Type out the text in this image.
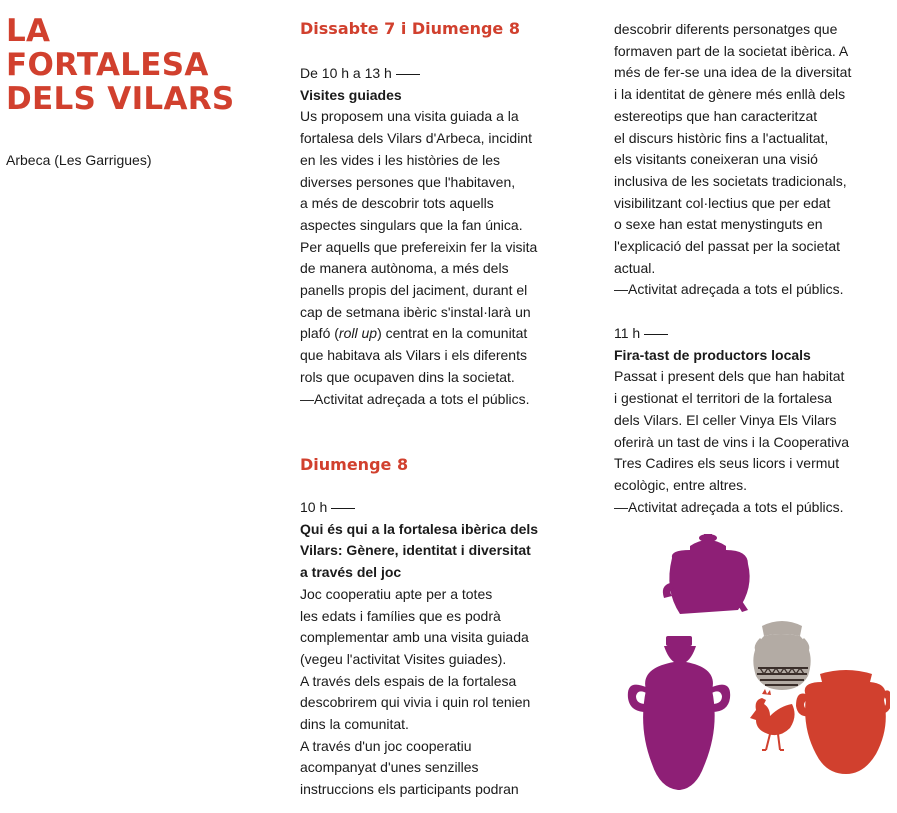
LA
FORTALESA
DELS VILARS
Arbeca (Les Garrigues)
Dissabte 7 i Diumenge 8
De 10 h a 13 h
Visites guiades
Us proposem una visita guiada a la
fortalesa dels Vilars d'Arbeca, incidint
en les vides i les històries de les
diverses persones que l'habitaven,
a més de descobrir tots aquells
aspectes singulars que la fan única.
Per aquells que prefereixin fer la visita
de manera autònoma, a més dels
panells propis del jaciment, durant el
cap de setmana ibèric s'instal·larà un
plafó (roll up) centrat en la comunitat
que habitava als Vilars i els diferents
rols que ocupaven dins la societat.
—Activitat adreçada a tots el públics.
Diumenge 8
10 h
Qui és qui a la fortalesa ibèrica dels
Vilars: Gènere, identitat i diversitat
a través del joc
Joc cooperatiu apte per a totes
les edats i famílies que es podrà
complementar amb una visita guiada
(vegeu l'activitat Visites guiades).
A través dels espais de la fortalesa
descobrirem qui vivia i quin rol tenien
dins la comunitat.
A través d'un joc cooperatiu
acompanyat d'unes senzilles
instruccions els participants podran
descobrir diferents personatges que
formaven part de la societat ibèrica. A
més de fer-se una idea de la diversitat
i la identitat de gènere més enllà dels
estereotips que han caracteritzat
el discurs històric fins a l'actualitat,
els visitants coneixeran una visió
inclusiva de les societats tradicionals,
visibilitzant col·lectius que per edat
o sexe han estat menystinguts en
l'explicació del passat per la societat
actual.
—Activitat adreçada a tots el públics.
11 h
Fira-tast de productors locals
Passat i present dels que han habitat
i gestionat el territori de la fortalesa
dels Vilars. El celler Vinya Els Vilars
oferirà un tast de vins i la Cooperativa
Tres Cadires els seus licors i vermut
ecològic, entre altres.
—Activitat adreçada a tots el públics.
